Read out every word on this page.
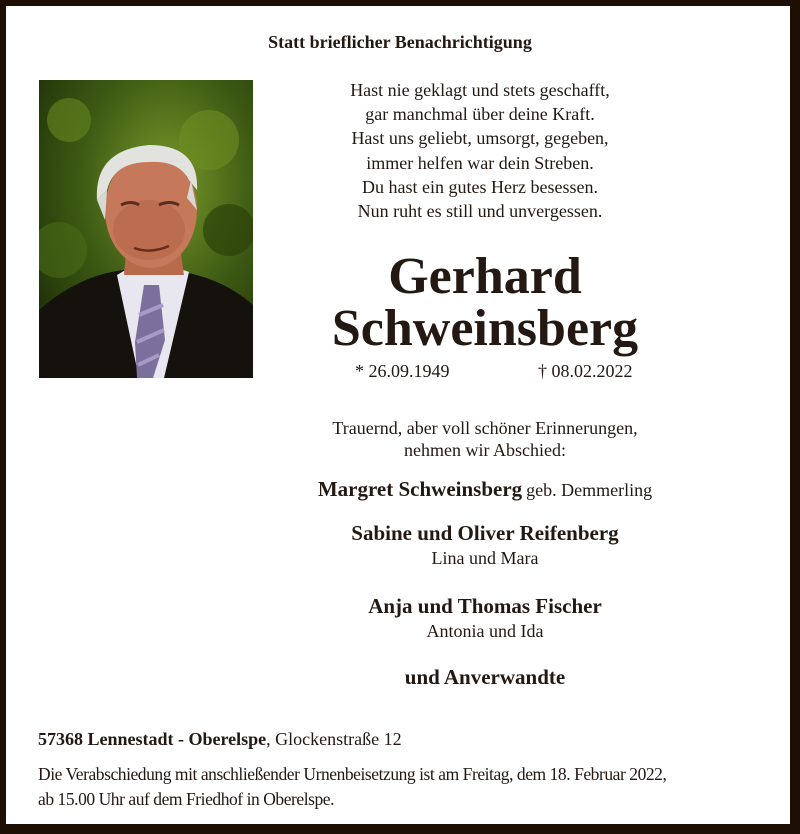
Statt brieflicher Benachrichtigung
Hast nie geklagt und stets geschafft,
gar manchmal über deine Kraft.
Hast uns geliebt, umsorgt, gegeben,
immer helfen war dein Streben.
Du hast ein gutes Herz besessen.
Nun ruht es still und unvergessen.
Gerhard
Schweinsberg
* 26.09.1949	† 08.02.2022
Trauernd, aber voll schöner Erinnerungen,
nehmen wir Abschied:
Margret Schweinsberg geb. Demmerling
Sabine und Oliver Reifenberg
Lina und Mara
Anja und Thomas Fischer
Antonia und Ida
und Anverwandte
57368 Lennestadt - Oberelspe, Glockenstraße 12
Die Verabschiedung mit anschließender Urnenbeisetzung ist am Freitag, dem 18. Februar 2022,
ab 15.00 Uhr auf dem Friedhof in Oberelspe.
